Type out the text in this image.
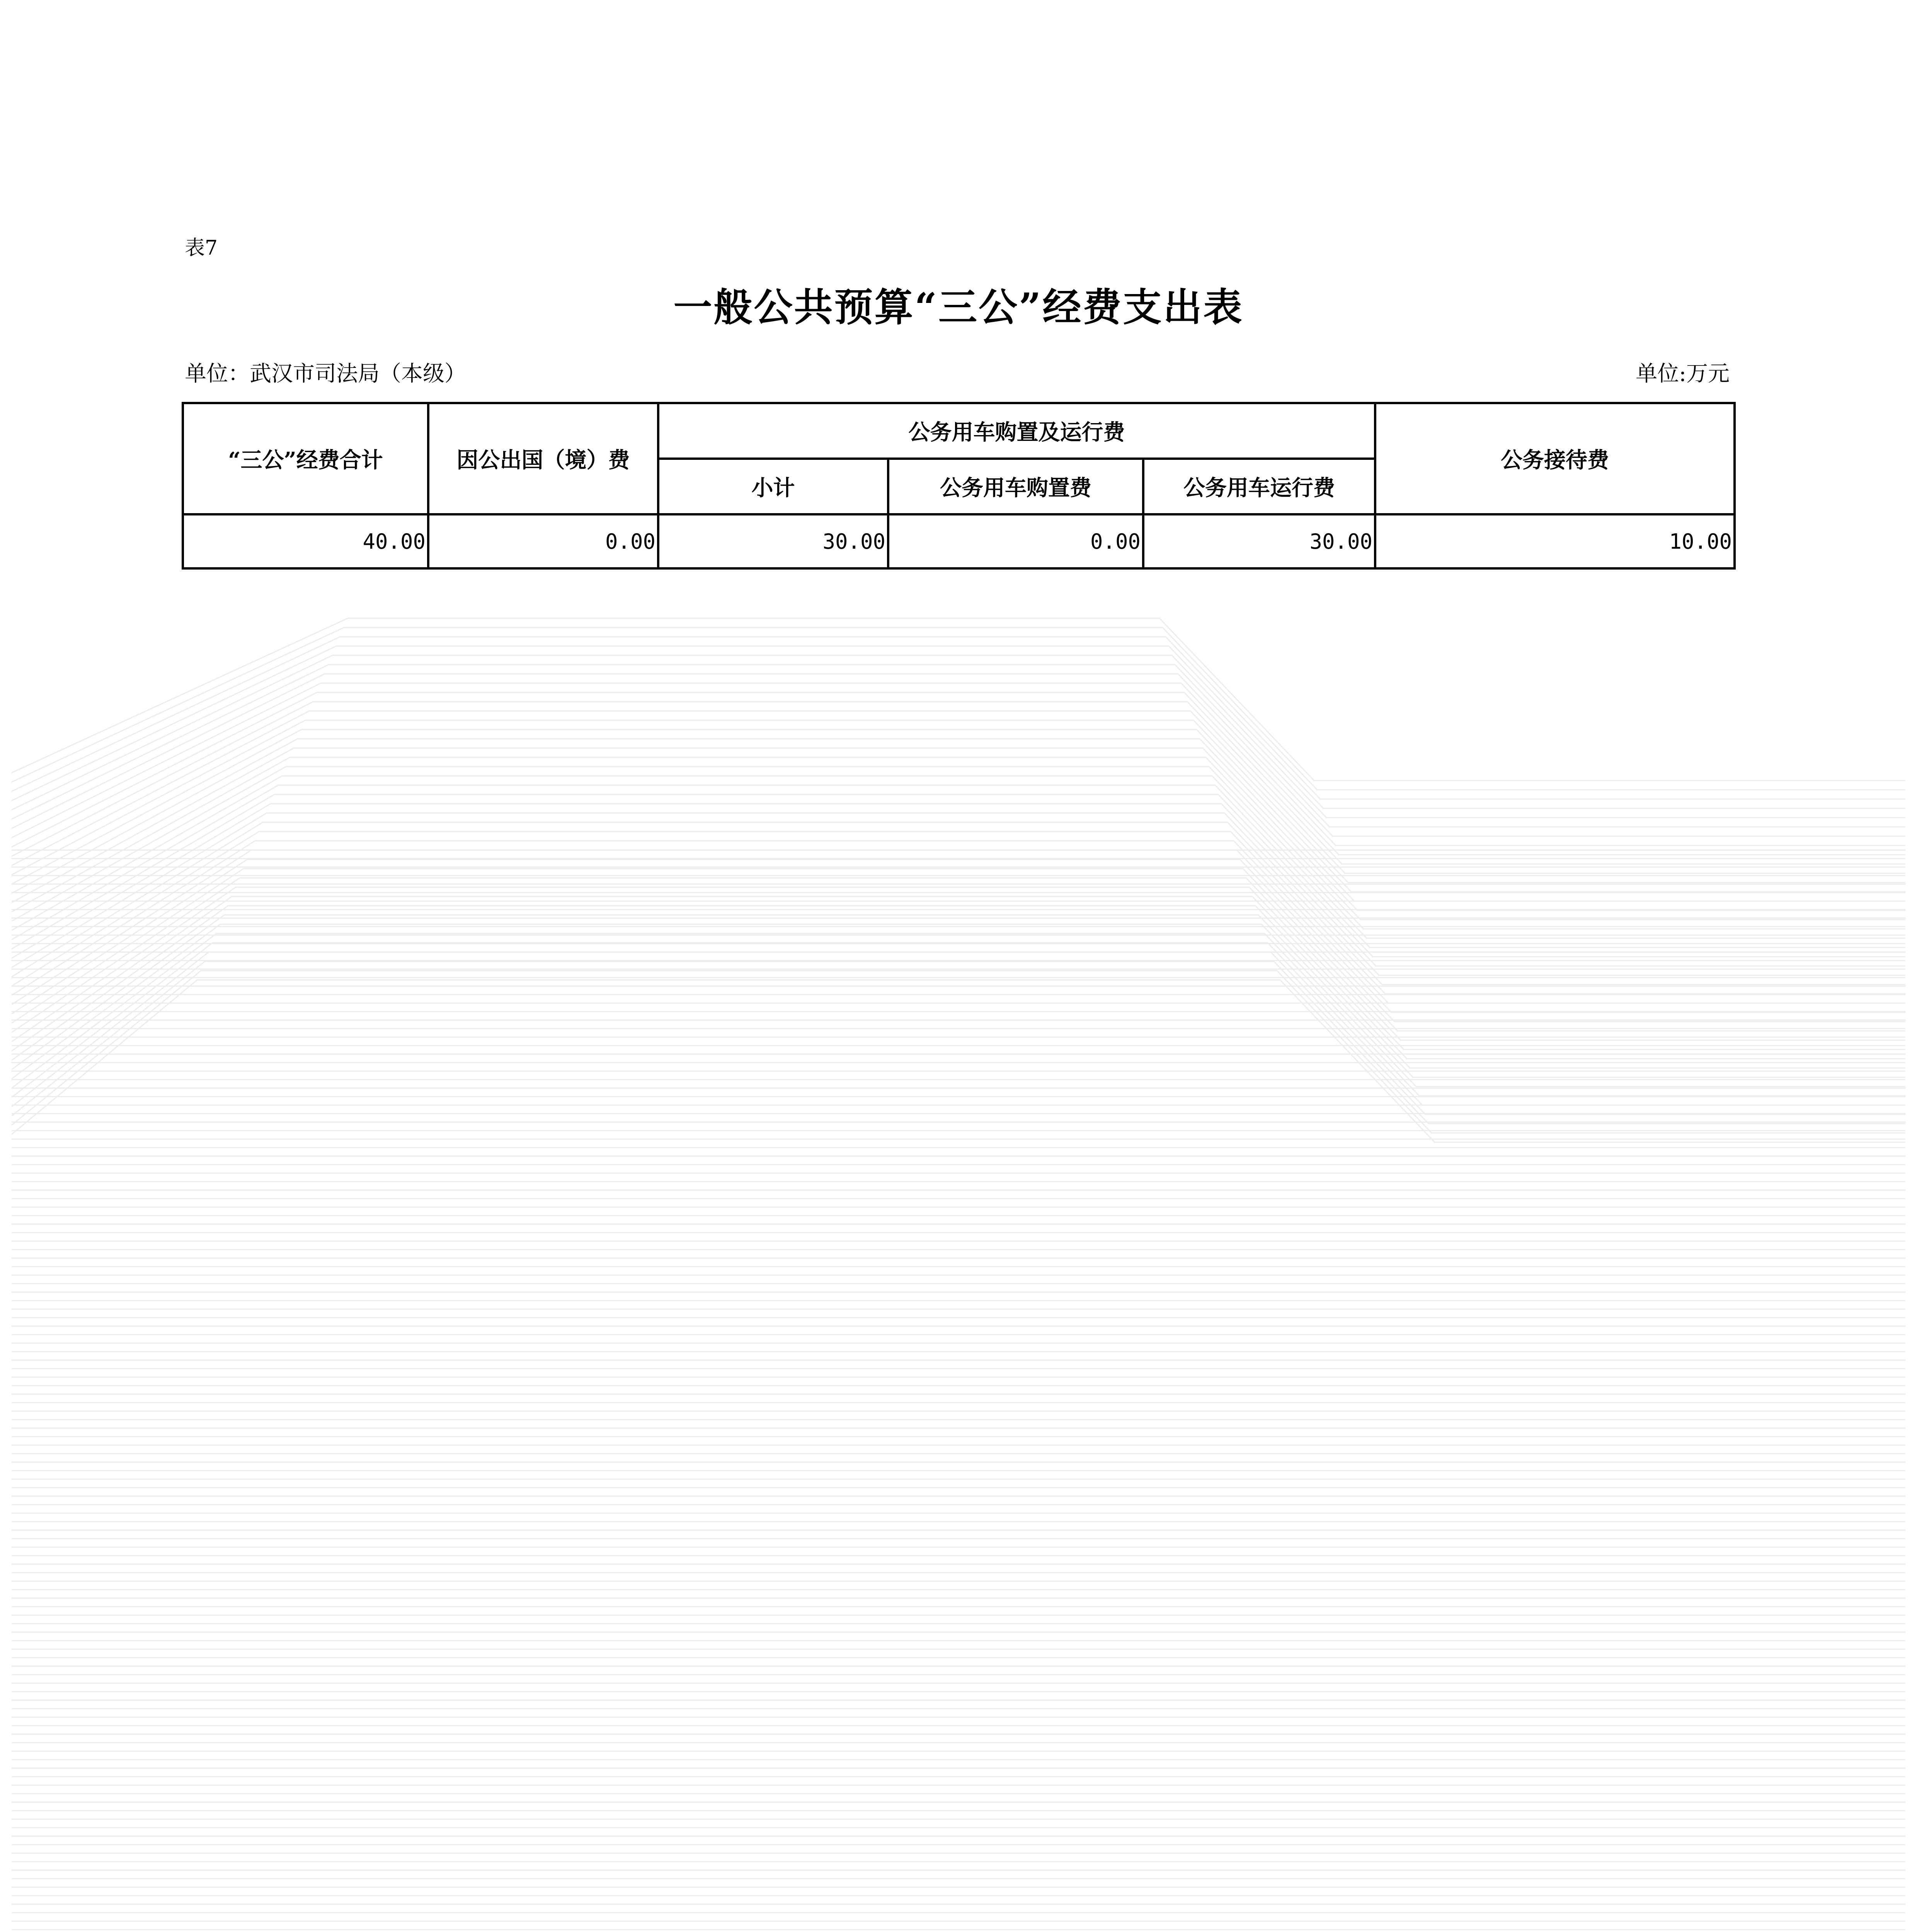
表7
一般公共预算“三公”经费支出表
单位：武汉市司法局（本级）	单位:万元
“三公”经费合计	因公出国（境）费	公务用车购置及运行费			公务接待费
		小计	公务用车购置费	公务用车运行费	
40.00	0.00	30.00	0.00	30.00	10.00
